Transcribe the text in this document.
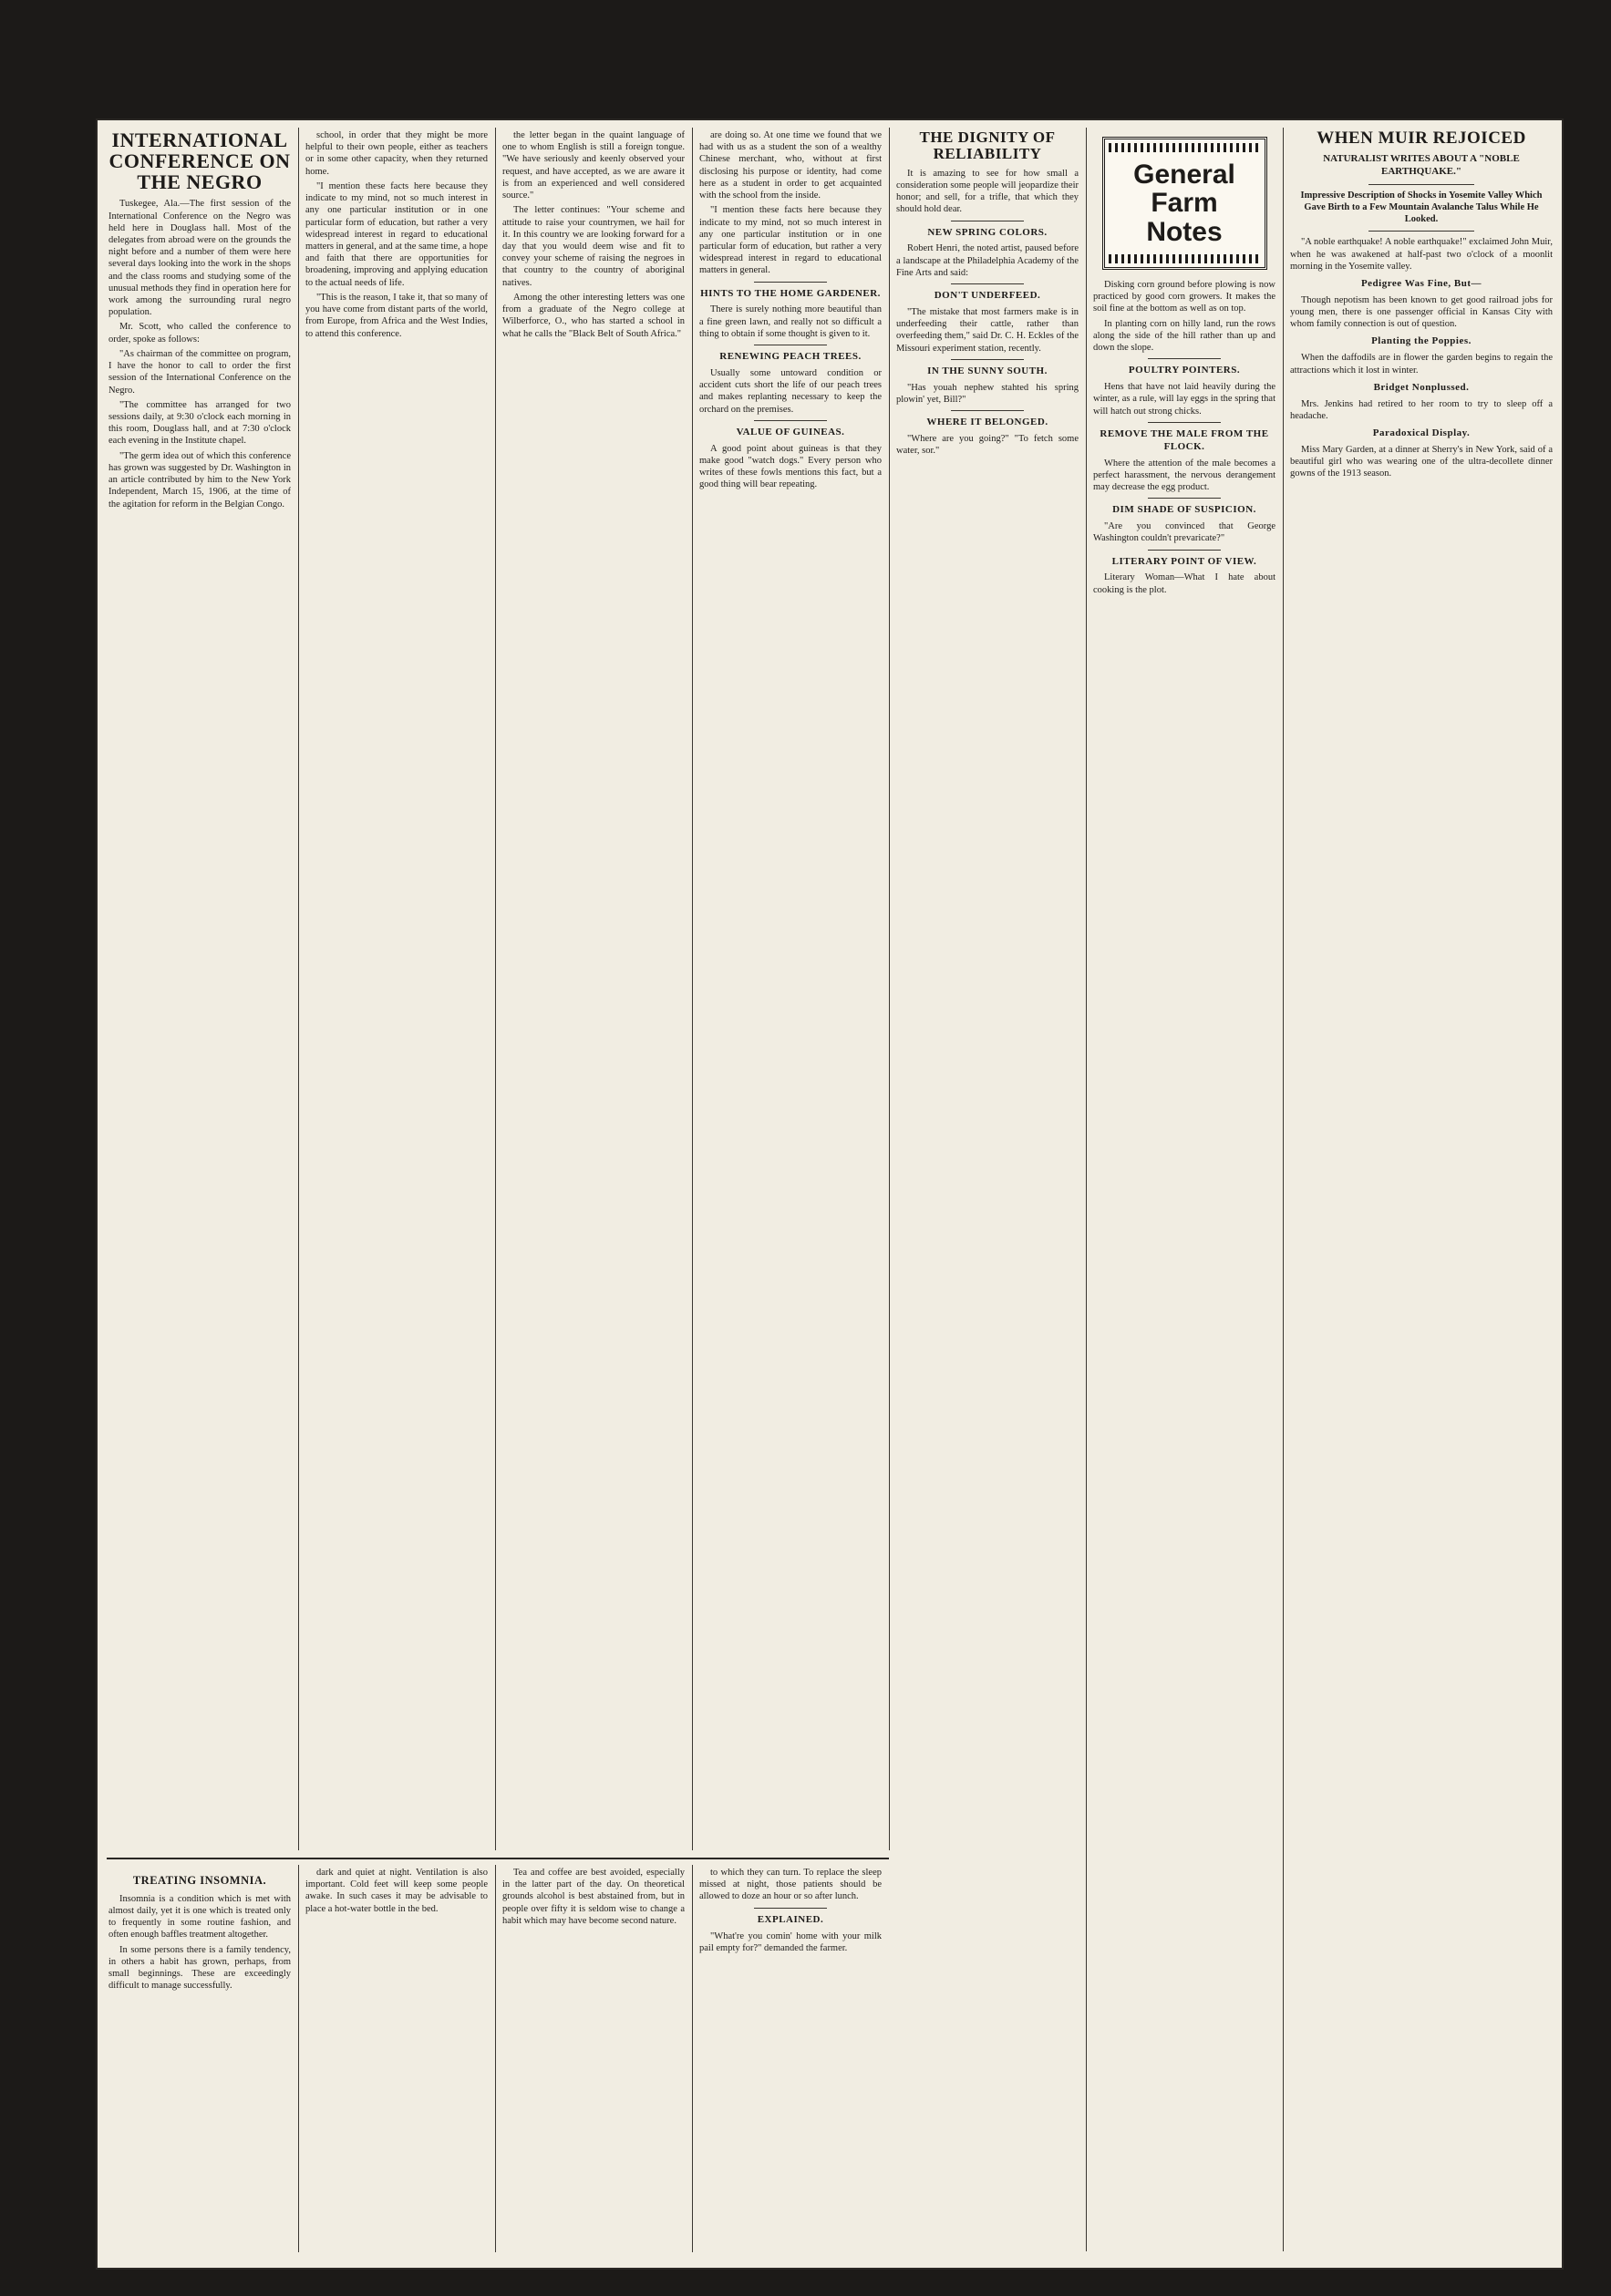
INTERNATIONAL CONFERENCE ON THE NEGRO

Tuskegee, Ala.—The first session of the International Conference on the Negro was held here in Douglass hall. Most of the delegates from abroad were on the grounds the night before and a number of them were here several days looking into the work in the shops and the class rooms and studying some of the unusual methods they find in operation here for work among the surrounding rural negro population.

Mr. Scott, who called the conference to order, spoke as follows:

"As chairman of the committee on program, I have the honor to call to order the first session of the International Conference on the Negro.

"The committee has arranged for two sessions daily, at 9:30 o'clock each morning in this room, Douglass hall, and at 7:30 o'clock each evening in the Institute chapel.

"The germ idea out of which this conference has grown was suggested by Dr. Washington in an article contributed by him to the New York Independent, March 15, 1906, at the time of the agitation for reform in the Belgian Congo.

school, in order that they might be more helpful to their own people, either as teachers or in some other capacity, when they returned home.

"I mention these facts here because they indicate to my mind, not so much interest in any one particular institution or in one particular form of education, but rather a very widespread interest in regard to educational matters in general, and at the same time, a hope and faith that there are opportunities for broadening, improving and applying education to the actual needs of life.

"This is the reason, I take it, that so many of you have come from distant parts of the world, from Europe, from Africa and the West Indies, to attend this conference.

the letter began in the quaint language of one to whom English is still a foreign tongue. "We have seriously and keenly observed your request, and have accepted, as we are aware it is from an experienced and well considered source."

The letter continues: "Your scheme and attitude to raise your countrymen, we hail for it. In this country we are looking forward for a day that you would deem wise and fit to convey your scheme of raising the negroes in that country to the country of aboriginal natives.

Among the other interesting letters was one from a graduate of the Negro college at Wilberforce, O., who has started a school in what he calls the "Black Belt of South Africa."

are doing so. At one time we found that we had with us as a student the son of a wealthy Chinese merchant, who, without at first disclosing his purpose or identity, had come here as a student in order to get acquainted with the school from the inside.

"I mention these facts here because they indicate to my mind, not so much interest in any one particular institution or in one particular form of education, but rather a very widespread interest in regard to educational matters in general.

HINTS TO THE HOME GARDENER.

There is surely nothing more beautiful than a fine green lawn, and really not so difficult a thing to obtain if some thought is given to it.

RENEWING PEACH TREES.

Usually some untoward condition or accident cuts short the life of our peach trees and makes replanting necessary to keep the orchard on the premises.

VALUE OF GUINEAS.

A good point about guineas is that they make good "watch dogs." Every person who writes of these fowls mentions this fact, but a good thing will bear repeating.

THE DIGNITY OF RELIABILITY

It is amazing to see for how small a consideration some people will jeopardize their honor; and sell, for a trifle, that which they should hold dear.

NEW SPRING COLORS.

Robert Henri, the noted artist, paused before a landscape at the Philadelphia Academy of the Fine Arts and said:

DON'T UNDERFEED.

"The mistake that most farmers make is in underfeeding their cattle, rather than overfeeding them," said Dr. C. H. Eckles of the Missouri experiment station, recently.

IN THE SUNNY SOUTH.

"Has youah nephew stahted his spring plowin' yet, Bill?"

WHERE IT BELONGED.

"Where are you going?" "To fetch some water, sor."

General
Farm
Notes

Disking corn ground before plowing is now practiced by good corn growers. It makes the soil fine at the bottom as well as on top.

In planting corn on hilly land, run the rows along the side of the hill rather than up and down the slope.

POULTRY POINTERS.

Hens that have not laid heavily during the winter, as a rule, will lay eggs in the spring that will hatch out strong chicks.

REMOVE THE MALE FROM THE FLOCK.

Where the attention of the male becomes a perfect harassment, the nervous derangement may decrease the egg product.

DIM SHADE OF SUSPICION.

"Are you convinced that George Washington couldn't prevaricate?"

LITERARY POINT OF VIEW.

Literary Woman—What I hate about cooking is the plot.

WHEN MUIR REJOICED
NATURALIST WRITES ABOUT A "NOBLE EARTHQUAKE."
Impressive Description of Shocks in Yosemite Valley Which Gave Birth to a Few Mountain Avalanche Talus While He Looked.

"A noble earthquake! A noble earthquake!" exclaimed John Muir, when he was awakened at half-past two o'clock of a moonlit morning in the Yosemite valley.

Pedigree Was Fine, But—

Though nepotism has been known to get good railroad jobs for young men, there is one passenger official in Kansas City with whom family connection is out of question.

Planting the Poppies.

When the daffodils are in flower the garden begins to regain the attractions which it lost in winter.

Bridget Nonplussed.

Mrs. Jenkins had retired to her room to try to sleep off a headache.

Paradoxical Display.

Miss Mary Garden, at a dinner at Sherry's in New York, said of a beautiful girl who was wearing one of the ultra-decollete dinner gowns of the 1913 season.

TREATING INSOMNIA.

Insomnia is a condition which is met with almost daily, yet it is one which is treated only to frequently in some routine fashion, and often enough baffles treatment altogether.

In some persons there is a family tendency, in others a habit has grown, perhaps, from small beginnings. These are exceedingly difficult to manage successfully.

dark and quiet at night. Ventilation is also important. Cold feet will keep some people awake. In such cases it may be advisable to place a hot-water bottle in the bed.

Tea and coffee are best avoided, especially in the latter part of the day. On theoretical grounds alcohol is best abstained from, but in people over fifty it is seldom wise to change a habit which may have become second nature.

to which they can turn. To replace the sleep missed at night, those patients should be allowed to doze an hour or so after lunch.

EXPLAINED.

"What're you comin' home with your milk pail empty for?" demanded the farmer.
